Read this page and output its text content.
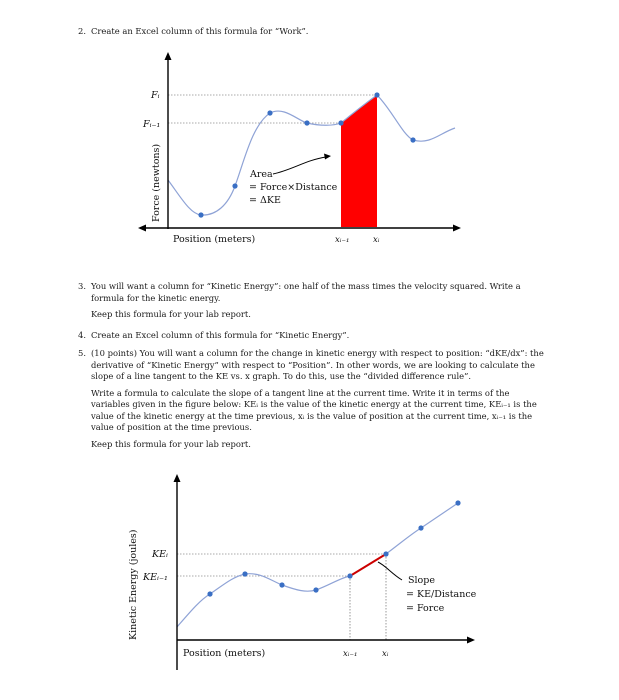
2. Create an Excel column of this formula for “Work”.
Force (newtons)
Position (meters)
Fᵢ
Fᵢ₋₁
xᵢ₋₁	xᵢ
Area
= Force×Distance
= ΔKE
3. You will want a column for “Kinetic Energy”: one half of the mass times the velocity squared. Write a formula for the kinetic energy.
Keep this formula for your lab report.
4. Create an Excel column of this formula for “Kinetic Energy”.
5. (10 points) You will want a column for the change in kinetic energy with respect to position: “dKE/dx”: the derivative of “Kinetic Energy” with respect to “Position”. In other words, we are looking to calculate the slope of a line tangent to the KE vs. x graph. To do this, use the “divided difference rule”.
Write a formula to calculate the slope of a tangent line at the current time. Write it in terms of the variables given in the figure below: KEᵢ is the value of the kinetic energy at the current time, KEᵢ₋₁ is the value of the kinetic energy at the time previous, xᵢ is the value of position at the current time, xᵢ₋₁ is the value of position at the time previous.
Keep this formula for your lab report.
Kinetic Energy (joules)
Position (meters)
KEᵢ
KEᵢ₋₁
xᵢ₋₁	xᵢ
Slope
= KE/Distance
= Force
